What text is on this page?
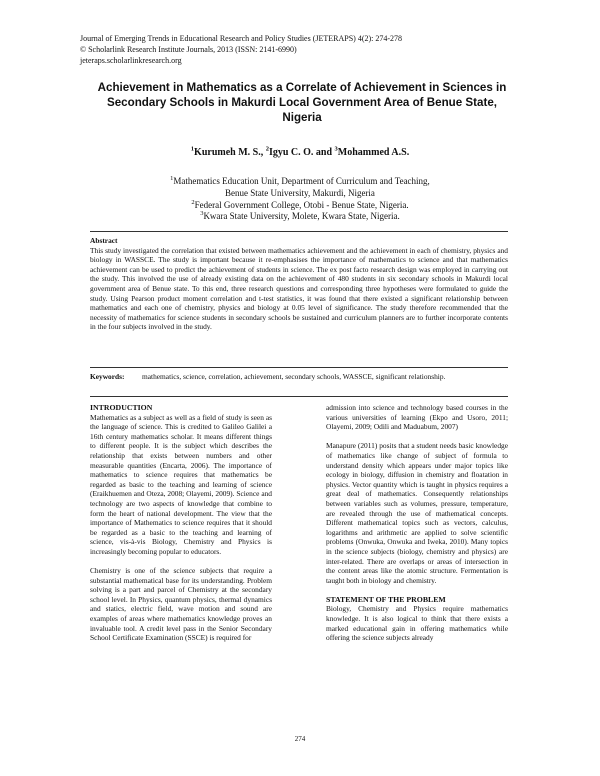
Journal of Emerging Trends in Educational Research and Policy Studies (JETERAPS) 4(2): 274-278
© Scholarlink Research Institute Journals, 2013 (ISSN: 2141-6990)
jeteraps.scholarlinkresearch.org
Achievement in Mathematics as a Correlate of Achievement in Sciences in Secondary Schools in Makurdi Local Government Area of Benue State, Nigeria
$^1$Kurumeh M. S., $^2$Igyu C. O. and $^3$Mohammed A.S.
$^1$Mathematics Education Unit, Department of Curriculum and Teaching,
Benue State University, Makurdi, Nigeria
$^2$Federal Government College, Otobi - Benue State, Nigeria.
$^3$Kwara State University, Molete, Kwara State, Nigeria.
Abstract
This study investigated the correlation that existed between mathematics achievement and the achievement in each of chemistry, physics and biology in WASSCE. The study is important because it re-emphasises the importance of mathematics to science and that mathematics achievement can be used to predict the achievement of students in science. The ex post facto research design was employed in carrying out the study. This involved the use of already existing data on the achievement of 480 students in six secondary schools in Makurdi local government area of Benue state. To this end, three research questions and corresponding three hypotheses were formulated to guide the study. Using Pearson product moment correlation and t-test statistics, it was found that there existed a significant relationship between mathematics and each one of chemistry, physics and biology at 0.05 level of significance. The study therefore recommended that the necessity of mathematics for science students in secondary schools be sustained and curriculum planners are to further incorporate contents in the four subjects involved in the study.
Keywords:	mathematics, science, correlation, achievement, secondary schools, WASSCE, significant relationship.
INTRODUCTION

Mathematics as a subject as well as a field of study is seen as the language of science. This is credited to Galileo Galilei a 16th century mathematics scholar. It means different things to different people. It is the subject which describes the relationship that exists between numbers and other measurable quantities (Encarta, 2006). The importance of mathematics to science requires that mathematics be regarded as basic to the teaching and learning of science (Eraikhuemen and Oteza, 2008; Olayemi, 2009). Science and technology are two aspects of knowledge that combine to form the heart of national development. The view that the importance of Mathematics to science requires that it should be regarded as a basic to the teaching and learning of science, vis-à-vis Biology, Chemistry and Physics is increasingly becoming popular to educators.

Chemistry is one of the science subjects that require a substantial mathematical base for its understanding. Problem solving is a part and parcel of Chemistry at the secondary school level. In Physics, quantum physics, thermal dynamics and statics, electric field, wave motion and sound are examples of areas where mathematics knowledge proves an invaluable tool. A credit level pass in the Senior Secondary School Certificate Examination (SSCE) is required for

admission into science and technology based courses in the various universities of learning (Ekpo and Usoro, 2011; Olayemi, 2009; Odili and Maduabum, 2007)

Manapure (2011) posits that a student needs basic knowledge of mathematics like change of subject of formula to understand density which appears under major topics like ecology in biology, diffusion in chemistry and floatation in physics. Vector quantity which is taught in physics requires a great deal of mathematics. Consequently relationships between variables such as volumes, pressure, temperature, are revealed through the use of mathematical concepts. Different mathematical topics such as vectors, calculus, logarithms and arithmetic are applied to solve scientific problems (Onwuka, Onwuka and Iweka, 2010). Many topics in the science subjects (biology, chemistry and physics) are inter-related. There are overlaps or areas of intersection in the content areas like the atomic structure. Fermentation is taught both in biology and chemistry.

STATEMENT OF THE PROBLEM

Biology, Chemistry and Physics require mathematics knowledge. It is also logical to think that there exists a marked educational gain in offering mathematics while offering the science subjects already

274
